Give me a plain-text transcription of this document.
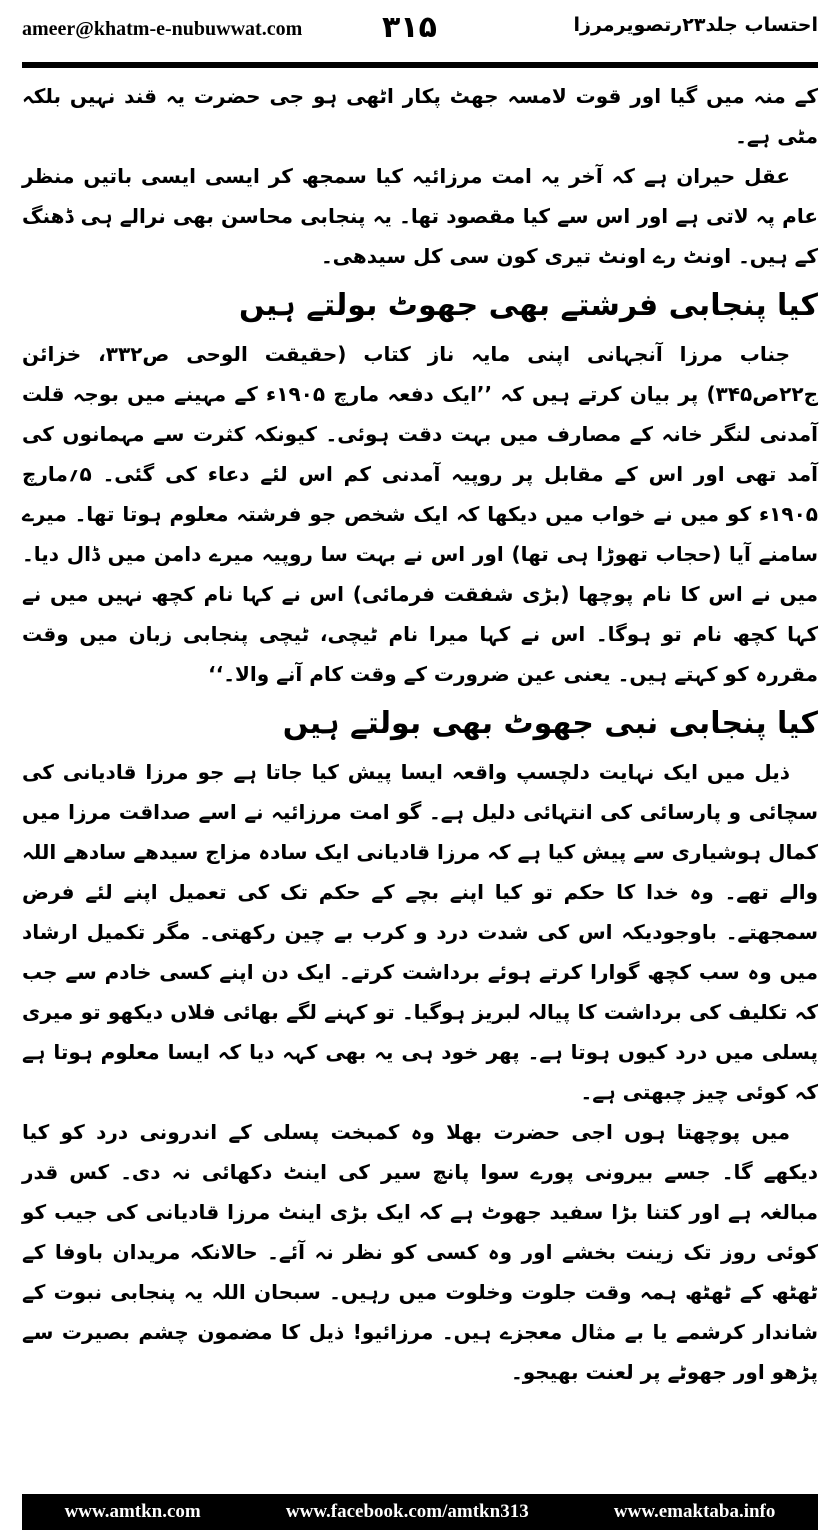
ameer@khatm-e-nubuwwat.com	۳۱۵	احتساب جلد۲۳رتصویرمرزا

کے منہ میں گیا اور قوت لامسہ جھٹ پکار اٹھی ہو جی حضرت یہ قند نہیں بلکہ مٹی ہے۔

عقل حیران ہے کہ آخر یہ امت مرزائیہ کیا سمجھ کر ایسی ایسی باتیں منظر عام پہ لاتی ہے اور اس سے کیا مقصود تھا۔ یہ پنجابی محاسن بھی نرالے ہی ڈھنگ کے ہیں۔ اونٹ رے اونٹ تیری کون سی کل سیدھی۔

کیا پنجابی فرشتے بھی جھوٹ بولتے ہیں

جناب مرزا آنجہانی اپنی مایہ ناز کتاب (حقیقت الوحی ص۳۳۲، خزائن ج۲۲ص۳۴۵) پر بیان کرتے ہیں کہ ’’ایک دفعہ مارچ ۱۹۰۵ء کے مہینے میں بوجہ قلت آمدنی لنگر خانہ کے مصارف میں بہت دقت ہوئی۔ کیونکہ کثرت سے مہمانوں کی آمد تھی اور اس کے مقابل پر روپیہ آمدنی کم اس لئے دعاء کی گئی۔ ۵؍مارچ ۱۹۰۵ء کو میں نے خواب میں دیکھا کہ ایک شخص جو فرشتہ معلوم ہوتا تھا۔ میرے سامنے آیا (حجاب تھوڑا ہی تھا) اور اس نے بہت سا روپیہ میرے دامن میں ڈال دیا۔ میں نے اس کا نام پوچھا (بڑی شفقت فرمائی) اس نے کہا نام کچھ نہیں میں نے کہا کچھ نام تو ہوگا۔ اس نے کہا میرا نام ٹیچی، ٹیچی پنجابی زبان میں وقت مقررہ کو کہتے ہیں۔ یعنی عین ضرورت کے وقت کام آنے والا۔‘‘

کیا پنجابی نبی جھوٹ بھی بولتے ہیں

ذیل میں ایک نہایت دلچسپ واقعہ ایسا پیش کیا جاتا ہے جو مرزا قادیانی کی سچائی و پارسائی کی انتہائی دلیل ہے۔ گو امت مرزائیہ نے اسے صداقت مرزا میں کمال ہوشیاری سے پیش کیا ہے کہ مرزا قادیانی ایک سادہ مزاج سیدھے سادھے اللہ والے تھے۔ وہ خدا کا حکم تو کیا اپنے بچے کے حکم تک کی تعمیل اپنے لئے فرض سمجھتے۔ باوجودیکہ اس کی شدت درد و کرب بے چین رکھتی۔ مگر تکمیل ارشاد میں وہ سب کچھ گوارا کرتے ہوئے برداشت کرتے۔ ایک دن اپنے کسی خادم سے جب کہ تکلیف کی برداشت کا پیالہ لبریز ہوگیا۔ تو کہنے لگے بھائی فلاں دیکھو تو میری پسلی میں درد کیوں ہوتا ہے۔ پھر خود ہی یہ بھی کہہ دیا کہ ایسا معلوم ہوتا ہے کہ کوئی چیز چبھتی ہے۔

میں پوچھتا ہوں اجی حضرت بھلا وہ کمبخت پسلی کے اندرونی درد کو کیا دیکھے گا۔ جسے بیرونی پورے سوا پانچ سیر کی اینٹ دکھائی نہ دی۔ کس قدر مبالغہ ہے اور کتنا بڑا سفید جھوٹ ہے کہ ایک بڑی اینٹ مرزا قادیانی کی جیب کو کوئی روز تک زینت بخشے اور وہ کسی کو نظر نہ آئے۔ حالانکہ مریدان باوفا کے ٹھٹھ کے ٹھٹھ ہمہ وقت جلوت وخلوت میں رہیں۔ سبحان اللہ یہ پنجابی نبوت کے شاندار کرشمے یا بے مثال معجزے ہیں۔ مرزائیو! ذیل کا مضمون چشم بصیرت سے پڑھو اور جھوٹے پر لعنت بھیجو۔

www.amtkn.com	www.facebook.com/amtkn313	www.emaktaba.info
